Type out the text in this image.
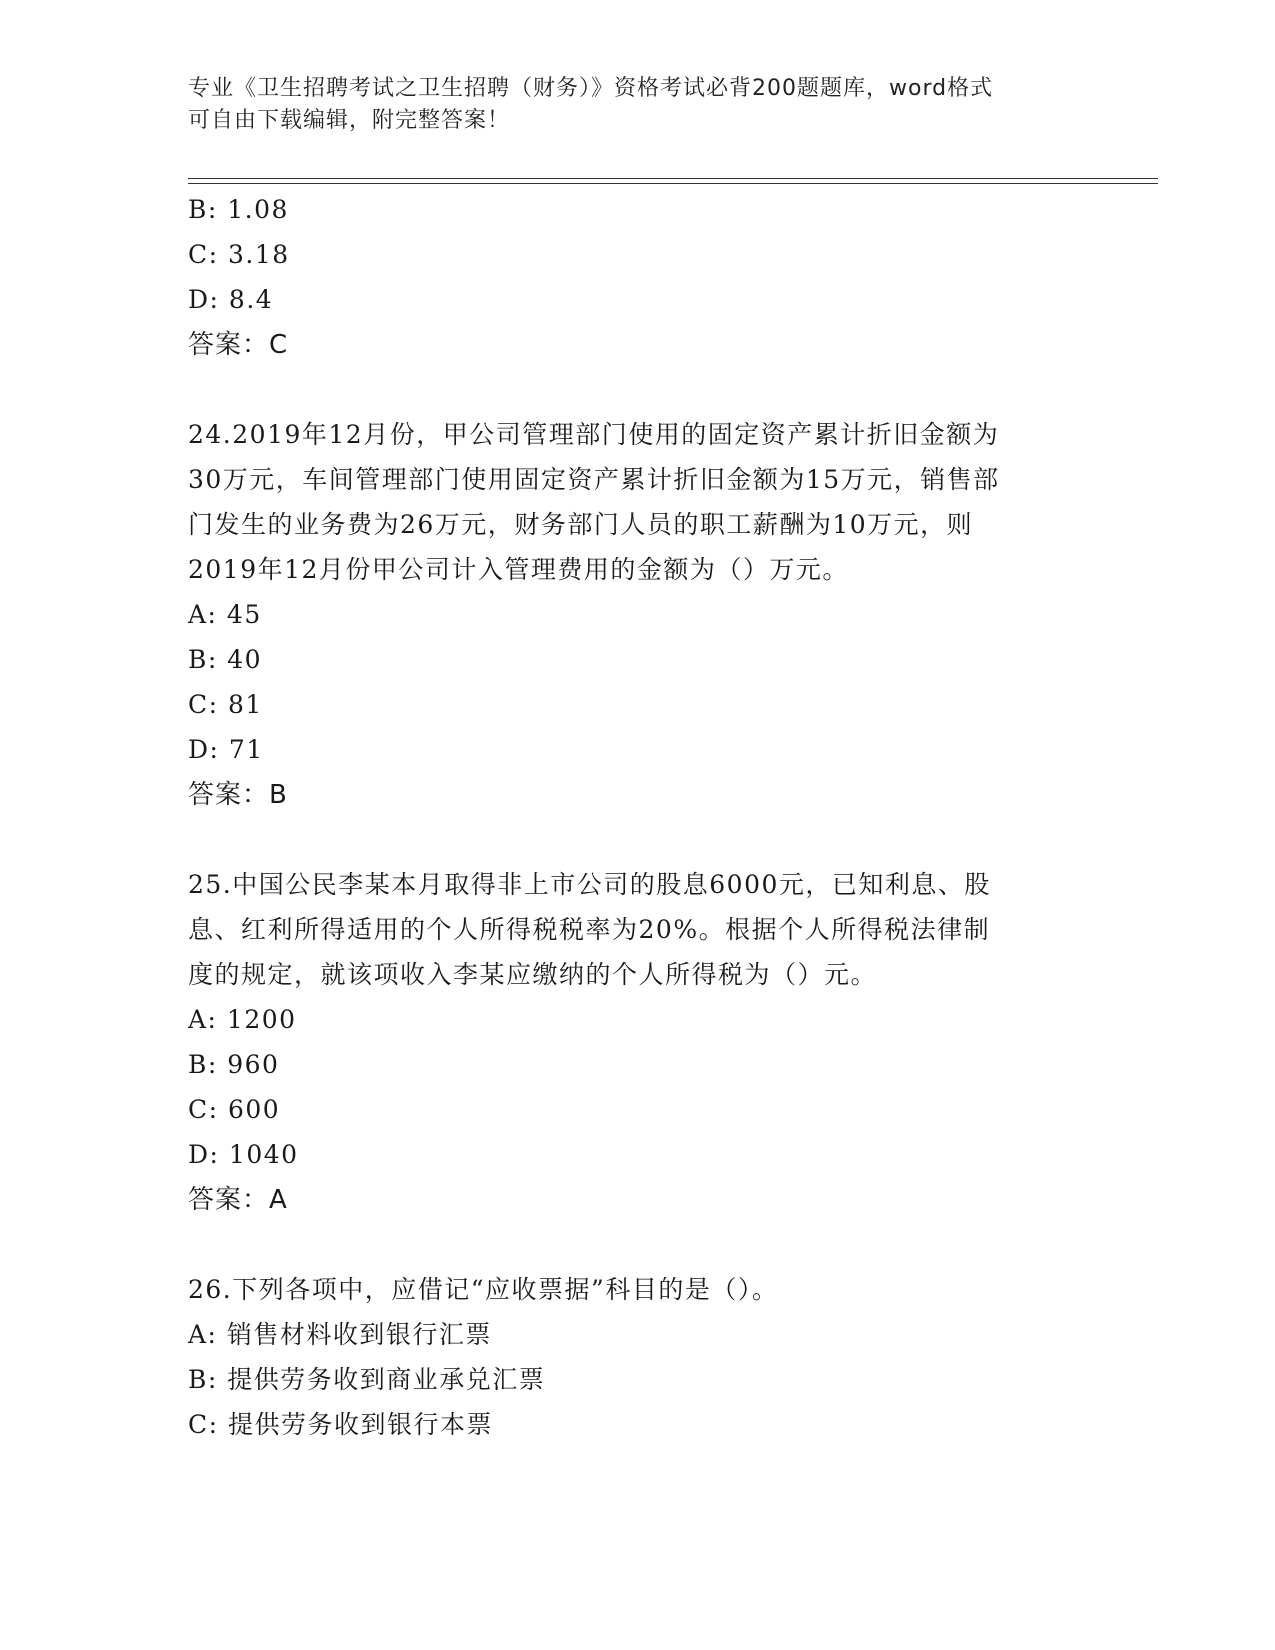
专业《卫生招聘考试之卫生招聘（财务）》资格考试必背200题题库，word格式
可自由下载编辑，附完整答案！
B: 1.08
C: 3.18
D: 8.4
答案：C
24.2019年12月份，甲公司管理部门使用的固定资产累计折旧金额为
30万元，车间管理部门使用固定资产累计折旧金额为15万元，销售部
门发生的业务费为26万元，财务部门人员的职工薪酬为10万元，则
2019年12月份甲公司计入管理费用的金额为（）万元。
A: 45
B: 40
C: 81
D: 71
答案：B
25.中国公民李某本月取得非上市公司的股息6000元，已知利息、股
息、红利所得适用的个人所得税税率为20%。根据个人所得税法律制
度的规定，就该项收入李某应缴纳的个人所得税为（）元。
A: 1200
B: 960
C: 600
D: 1040
答案：A
26.下列各项中，应借记“应收票据”科目的是（）。
A: 销售材料收到银行汇票
B: 提供劳务收到商业承兑汇票
C: 提供劳务收到银行本票
